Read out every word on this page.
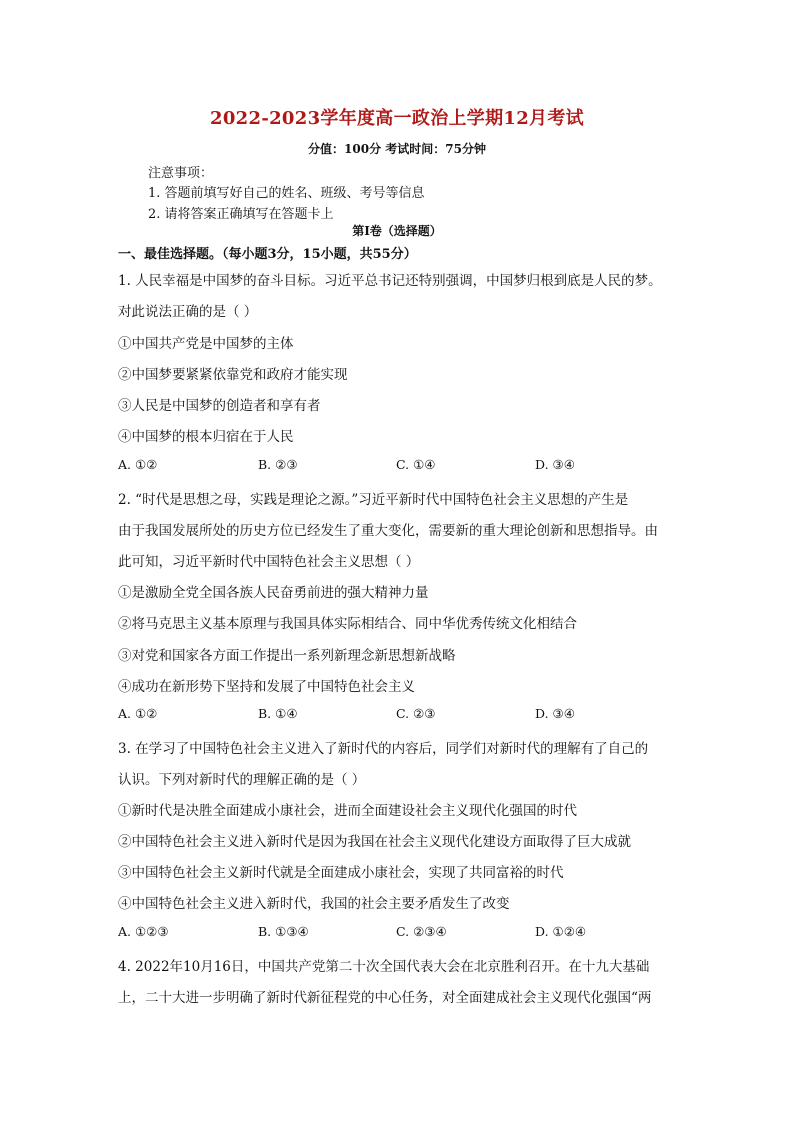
2022-2023学年度高一政治上学期12月考试
分值：100分 考试时间：75分钟
注意事项：
1. 答题前填写好自己的姓名、班级、考号等信息
2. 请将答案正确填写在答题卡上
第I卷（选择题）
一、最佳选择题。（每小题3分，15小题，共55分）
1. 人民幸福是中国梦的奋斗目标。习近平总书记还特别强调，中国梦归根到底是人民的梦。
对此说法正确的是（ ）
①中国共产党是中国梦的主体
②中国梦要紧紧依靠党和政府才能实现
③人民是中国梦的创造者和享有者
④中国梦的根本归宿在于人民
A. ①②	B. ②③	C. ①④	D. ③④
2. “时代是思想之母，实践是理论之源。”习近平新时代中国特色社会主义思想的产生是
由于我国发展所处的历史方位已经发生了重大变化，需要新的重大理论创新和思想指导。由
此可知，习近平新时代中国特色社会主义思想（ ）
①是激励全党全国各族人民奋勇前进的强大精神力量
②将马克思主义基本原理与我国具体实际相结合、同中华优秀传统文化相结合
③对党和国家各方面工作提出一系列新理念新思想新战略
④成功在新形势下坚持和发展了中国特色社会主义
A. ①②	B. ①④	C. ②③	D. ③④
3. 在学习了中国特色社会主义进入了新时代的内容后，同学们对新时代的理解有了自己的
认识。下列对新时代的理解正确的是（ ）
①新时代是决胜全面建成小康社会，进而全面建设社会主义现代化强国的时代
②中国特色社会主义进入新时代是因为我国在社会主义现代化建设方面取得了巨大成就
③中国特色社会主义新时代就是全面建成小康社会，实现了共同富裕的时代
④中国特色社会主义进入新时代，我国的社会主要矛盾发生了改变
A. ①②③	B. ①③④	C. ②③④	D. ①②④
4. 2022年10月16日，中国共产党第二十次全国代表大会在北京胜利召开。在十九大基础
上，二十大进一步明确了新时代新征程党的中心任务，对全面建成社会主义现代化强国“两
